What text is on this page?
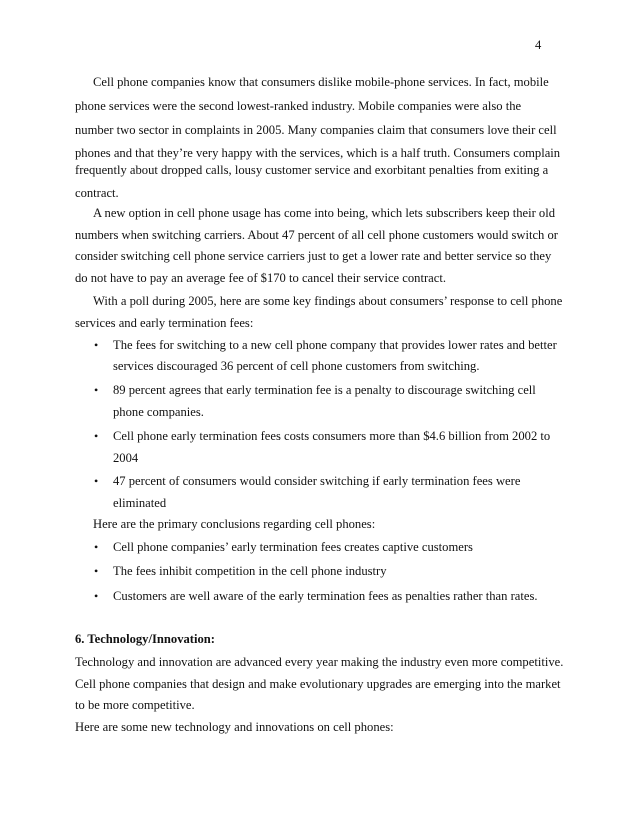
4
Cell phone companies know that consumers dislike mobile-phone services. In fact, mobile
phone services were the second lowest-ranked industry. Mobile companies were also the
number two sector in complaints in 2005. Many companies claim that consumers love their cell
phones and that they’re very happy with the services, which is a half truth. Consumers complain
frequently about dropped calls, lousy customer service and exorbitant penalties from exiting a
contract.
A new option in cell phone usage has come into being, which lets subscribers keep their old
numbers when switching carriers. About 47 percent of all cell phone customers would switch or
consider switching cell phone service carriers just to get a lower rate and better service so they
do not have to pay an average fee of $170 to cancel their service contract.
With a poll during 2005, here are some key findings about consumers’ response to cell phone
services and early termination fees:
• The fees for switching to a new cell phone company that provides lower rates and better
services discouraged 36 percent of cell phone customers from switching.
• 89 percent agrees that early termination fee is a penalty to discourage switching cell
phone companies.
• Cell phone early termination fees costs consumers more than $4.6 billion from 2002 to
2004
• 47 percent of consumers would consider switching if early termination fees were
eliminated
Here are the primary conclusions regarding cell phones:
• Cell phone companies’ early termination fees creates captive customers
• The fees inhibit competition in the cell phone industry
• Customers are well aware of the early termination fees as penalties rather than rates.
6. Technology/Innovation:
Technology and innovation are advanced every year making the industry even more competitive.
Cell phone companies that design and make evolutionary upgrades are emerging into the market
to be more competitive.
Here are some new technology and innovations on cell phones:
